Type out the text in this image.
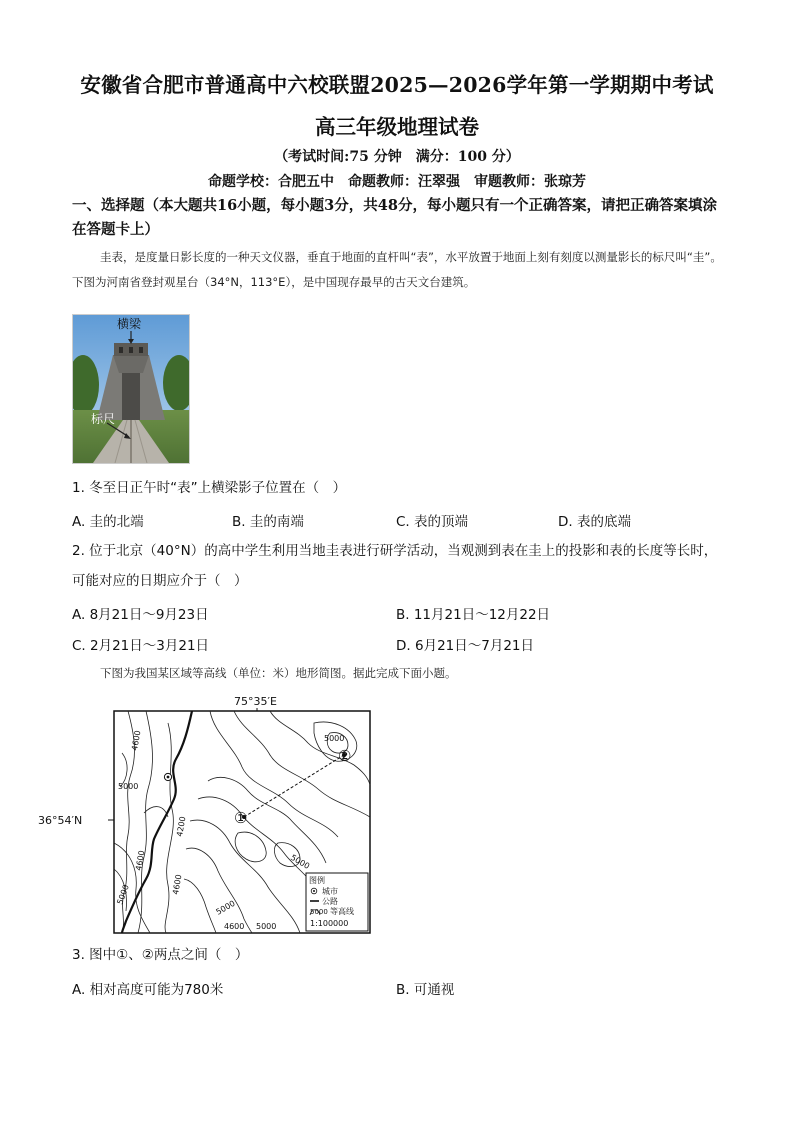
安徽省合肥市普通高中六校联盟2025—2026学年第一学期期中考试
高三年级地理试卷
（考试时间:75 分钟　满分：100 分）
命题学校：合肥五中　命题教师：汪翠强　审题教师：张琼芳
一、选择题（本大题共16小题，每小题3分，共48分，每小题只有一个正确答案，请把正确答案填涂在答题卡上）
圭表，是度量日影长度的一种天文仪器，垂直于地面的直杆叫“表”，水平放置于地面上刻有刻度以测量影长的标尺叫“圭”。下图为河南省登封观星台（34°N，113°E），是中国现存最早的古天文台建筑。
横梁
标尺
1. 冬至日正午时“表”上横梁影子位置在（　）
A. 圭的北端	B. 圭的南端	C. 表的顶端	D. 表的底端
2. 位于北京（40°N）的高中学生利用当地圭表进行研学活动，当观测到表在圭上的投影和表的长度等长时，可能对应的日期应介于（　）
A. 8月21日～9月23日	B. 11月21日～12月22日
C. 2月21日～3月21日	D. 6月21日～7月21日
下图为我国某区域等高线（单位：米）地形简图。据此完成下面小题。
75°35′E
36°54′N	①
②
4600
5000
4200
4600
5000	4600
5000
5000
4600
5000
5000
图例
城市
公路
5000 等高线
1:100000
3. 图中①、②两点之间（　）
A. 相对高度可能为780米	B. 可通视
